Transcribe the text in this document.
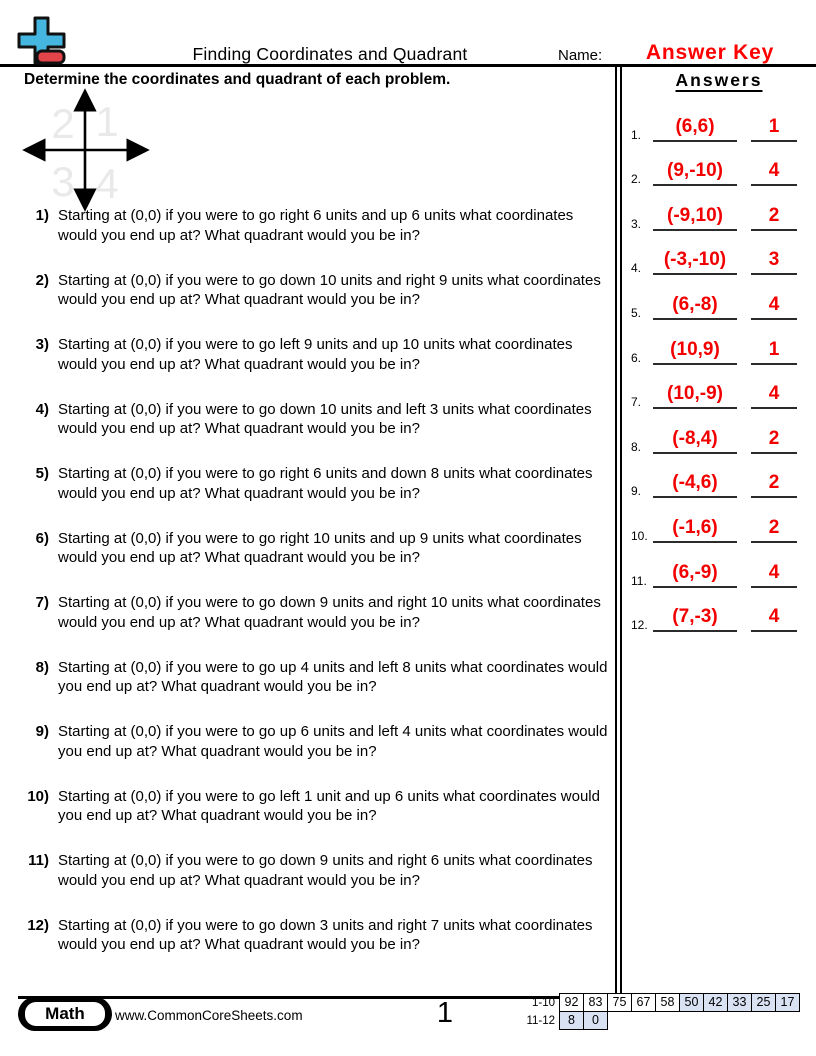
Finding Coordinates and Quadrant	Name:	Answer Key
Determine the coordinates and quadrant of each problem.
2 1
3 4
1) Starting at (0,0) if you were to go right 6 units and up 6 units what coordinates would you end up at? What quadrant would you be in?
2) Starting at (0,0) if you were to go down 10 units and right 9 units what coordinates would you end up at? What quadrant would you be in?
3) Starting at (0,0) if you were to go left 9 units and up 10 units what coordinates would you end up at? What quadrant would you be in?
4) Starting at (0,0) if you were to go down 10 units and left 3 units what coordinates would you end up at? What quadrant would you be in?
5) Starting at (0,0) if you were to go right 6 units and down 8 units what coordinates would you end up at? What quadrant would you be in?
6) Starting at (0,0) if you were to go right 10 units and up 9 units what coordinates would you end up at? What quadrant would you be in?
7) Starting at (0,0) if you were to go down 9 units and right 10 units what coordinates would you end up at? What quadrant would you be in?
8) Starting at (0,0) if you were to go up 4 units and left 8 units what coordinates would you end up at? What quadrant would you be in?
9) Starting at (0,0) if you were to go up 6 units and left 4 units what coordinates would you end up at? What quadrant would you be in?
10) Starting at (0,0) if you were to go left 1 unit and up 6 units what coordinates would you end up at? What quadrant would you be in?
11) Starting at (0,0) if you were to go down 9 units and right 6 units what coordinates would you end up at? What quadrant would you be in?
12) Starting at (0,0) if you were to go down 3 units and right 7 units what coordinates would you end up at? What quadrant would you be in?
Answers
1.	(6,6)	1
2.	(9,-10)	4
3.	(-9,10)	2
4.	(-3,-10)	3
5.	(6,-8)	4
6.	(10,9)	1
7.	(10,-9)	4
8.	(-8,4)	2
9.	(-4,6)	2
10.	(-1,6)	2
11.	(6,-9)	4
12.	(7,-3)	4
Math	www.CommonCoreSheets.com	1	1-10 92 83 75 67 58 50 42 33 25 17
11-12	8	0
